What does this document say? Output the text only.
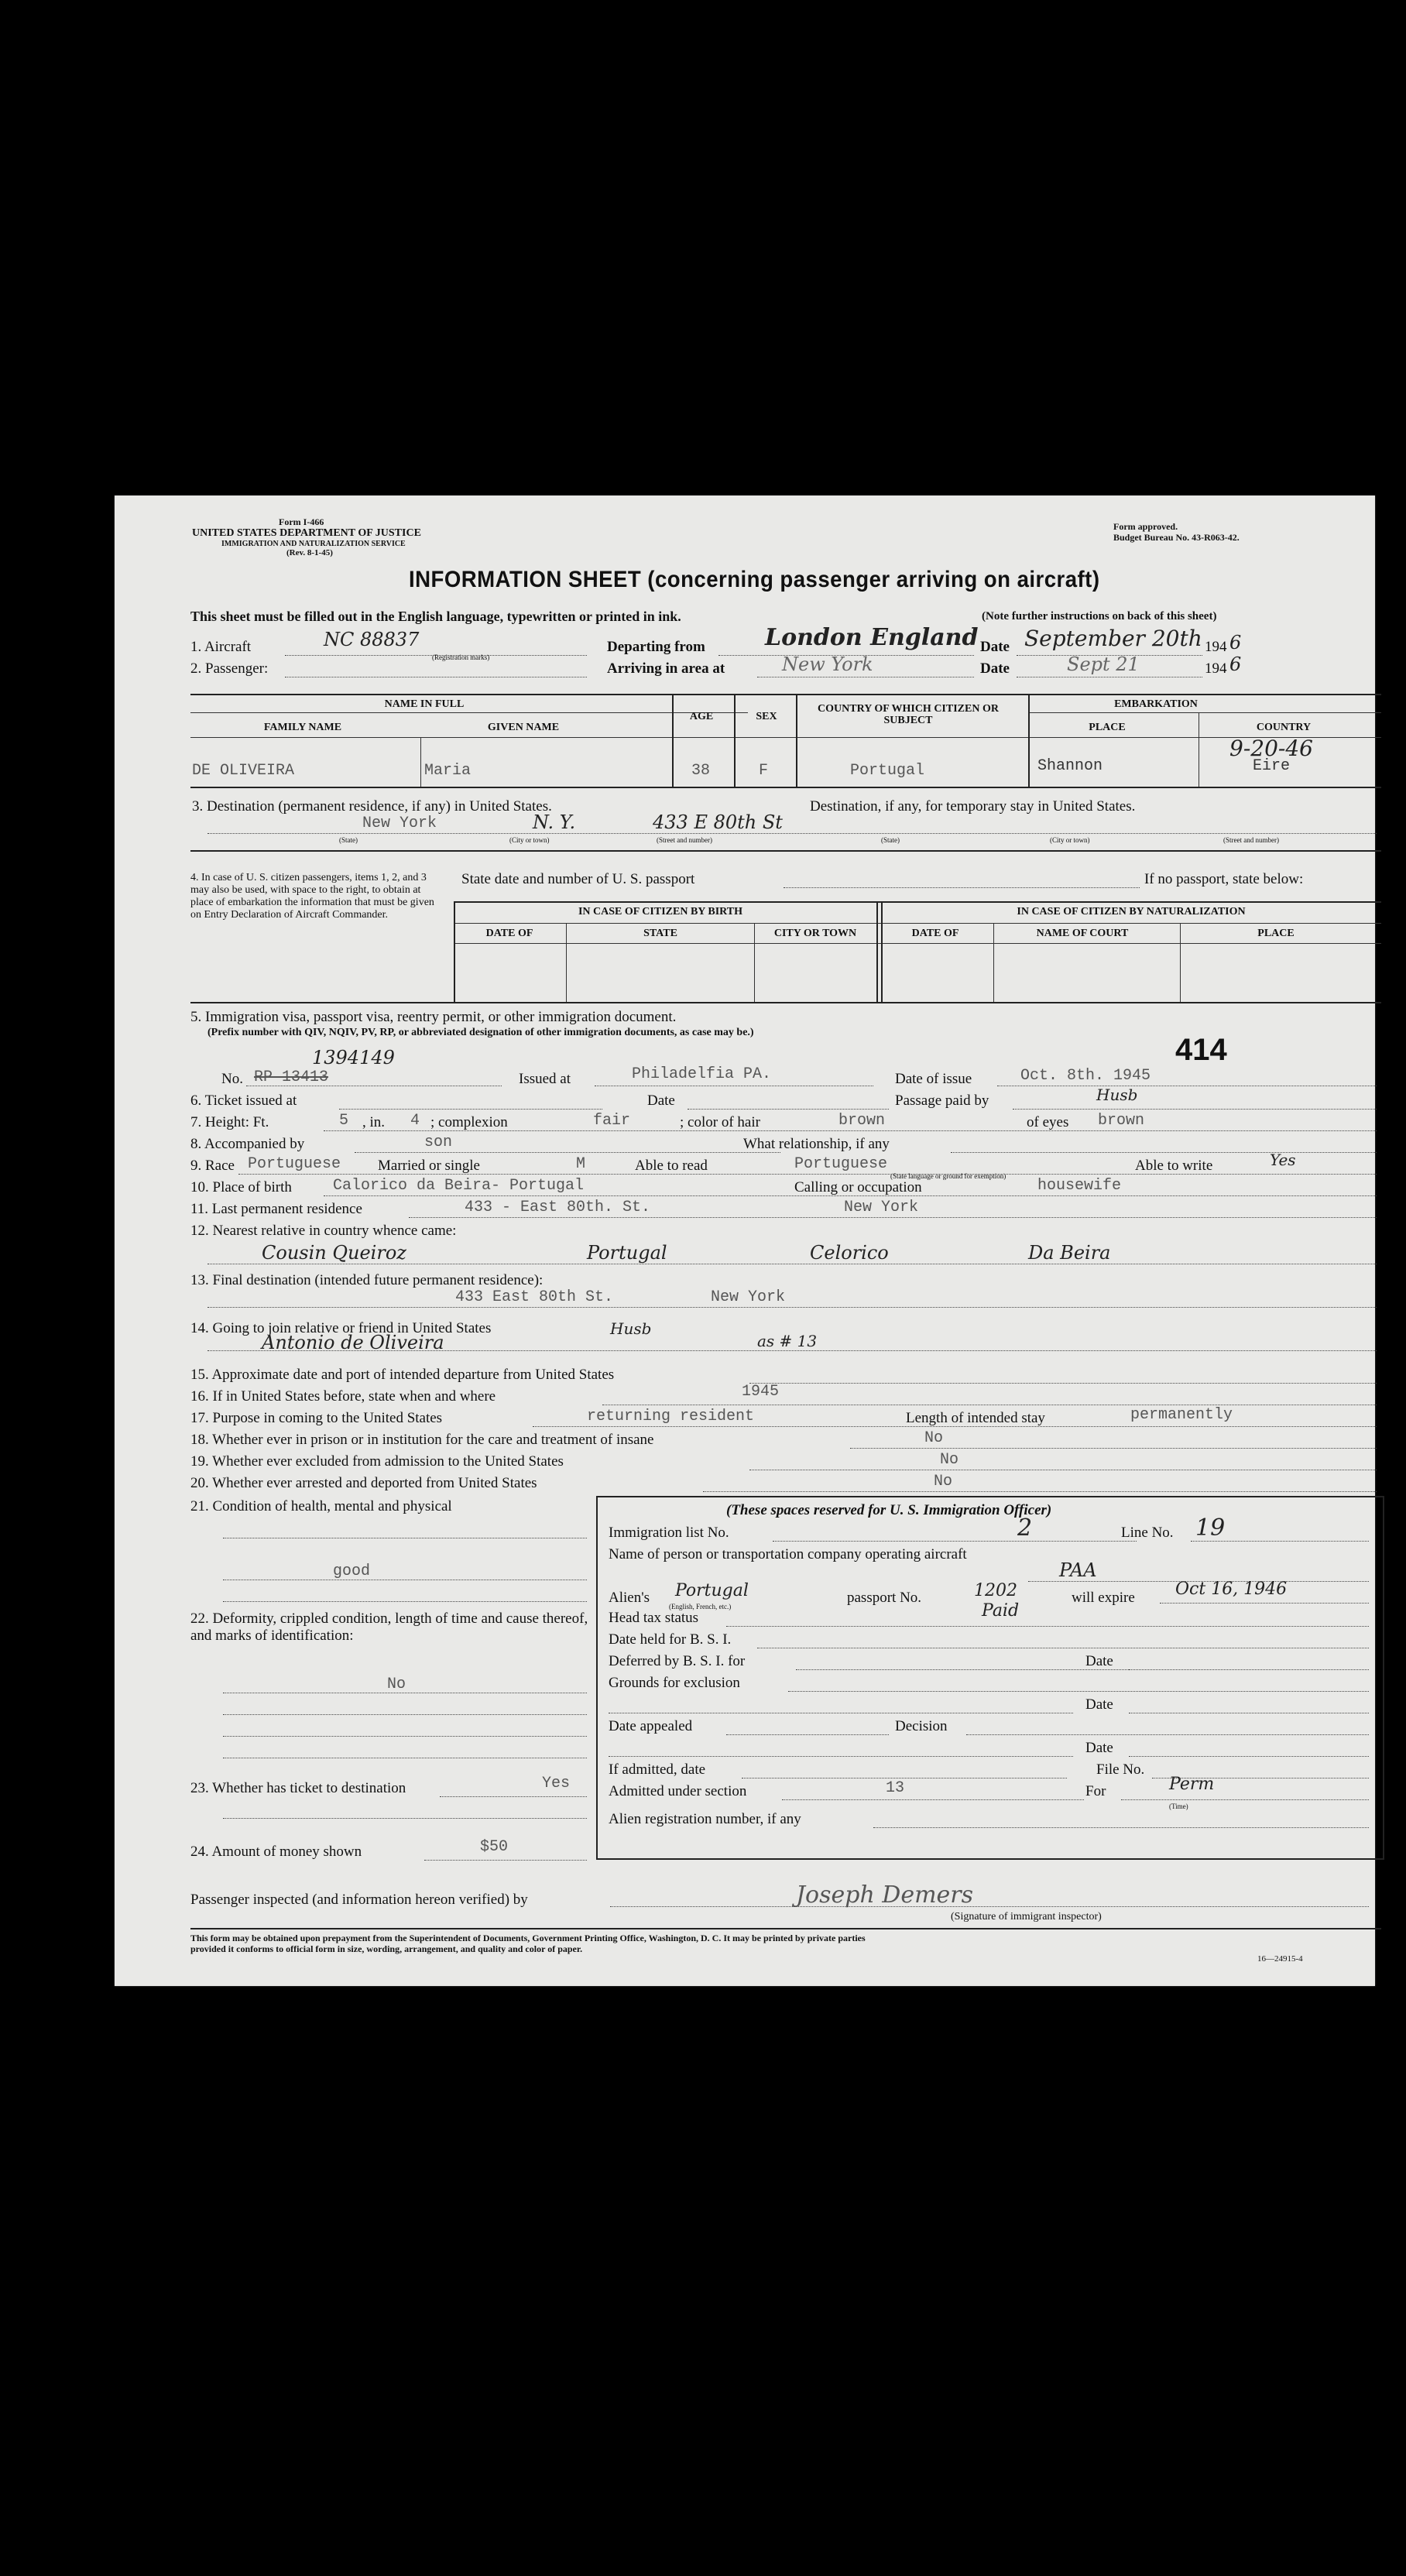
Form I-466
UNITED STATES DEPARTMENT OF JUSTICE
IMMIGRATION AND NATURALIZATION SERVICE
(Rev. 8-1-45)
Form approved.
Budget Bureau No. 43-R063-42.
INFORMATION SHEET (concerning passenger arriving on aircraft)
This sheet must be filled out in the English language, typewritten or printed in ink.	(Note further instructions on back of this sheet)
1. Aircraft	NC 88837
(Registration marks)
Departing from	London England Date September 20th 194 6
2. Passenger:	Arriving in area at	New York	Date	Sept 21	194 6
NAME IN FULL	EMBARKATION
FAMILY NAME	GIVEN NAME
AGE	SEX
COUNTRY OF WHICH CITIZEN OR SUBJECT
PLACE	COUNTRY
DE OLIVEIRA	Maria	38	F	Portugal	Shannon	Eire
9-20-46
3. Destination (permanent residence, if any) in United States.	Destination, if any, for temporary stay in United States.
New York	N. Y.	433 E 80th St
(State)	(City or town)	(Street and number)	(State)	(City or town)	(Street and number)
4. In case of U. S. citizen passengers, items 1, 2, and 3 may also be used, with space to the right, to obtain at place of embarkation the information that must be given on Entry Declaration of Aircraft Commander.
State date and number of U. S. passport	If no passport, state below:
IN CASE OF CITIZEN BY BIRTH	IN CASE OF CITIZEN BY NATURALIZATION
DATE OF	STATE	CITY OR TOWN	DATE OF	NAME OF COURT	PLACE
5. Immigration visa, passport visa, reentry permit, or other immigration document.
(Prefix number with QIV, NQIV, PV, RP, or abbreviated designation of other immigration documents, as case may be.)
414
1394149
No. RP 13413	Issued at	Philadelfia PA.	Date of issue	Oct. 8th. 1945
6. Ticket issued at	Date	Passage paid by	Husb
7. Height: Ft.	5 , in. 4 ; complexion	fair	; color of hair	brown	of eyes brown
8. Accompanied by	son	What relationship, if any
9. Race Portuguese	Married or single	M	Able to read	Portuguese
(State language or ground for exemption)
Able to write	Yes
10. Place of birth	Calorico da Beira- Portugal	Calling or occupation	housewife
11. Last permanent residence	433 - East 80th. St.	New York
12. Nearest relative in country whence came:
Cousin Queiroz	Portugal	Celorico	Da Beira
13. Final destination (intended future permanent residence):
433 East 80th St.	New York
14. Going to join relative or friend in United States
Antonio de Oliveira
Husb
as # 13
15. Approximate date and port of intended departure from United States
16. If in United States before, state when and where	1945
17. Purpose in coming to the United States	returning resident	Length of intended stay	permanently
18. Whether ever in prison or in institution for the care and treatment of insane	No
19. Whether ever excluded from admission to the United States	No
20. Whether ever arrested and deported from United States	No
21. Condition of health, mental and physical
good
22. Deformity, crippled condition, length of time and cause thereof, and marks of identification:
No
23. Whether has ticket to destination	Yes
24. Amount of money shown	$50
(These spaces reserved for U. S. Immigration Officer)
Immigration list No.	2	Line No. 19
Name of person or transportation company operating aircraft
PAA
Alien's Portugal
(English, French, etc.)
passport No.	1202	will expire Oct 16, 1946
Head tax status	Paid
Date held for B. S. I.
Deferred by B. S. I. for	Date
Grounds for exclusion
Date
Date appealed	Decision
Date
If admitted, date	File No.
Admitted under section	13	For	Perm
(Time)
Alien registration number, if any
Passenger inspected (and information hereon verified) by	Joseph Demers
(Signature of immigrant inspector)
This form may be obtained upon prepayment from the Superintendent of Documents, Government Printing Office, Washington, D. C. It may be printed by private parties
provided it conforms to official form in size, wording, arrangement, and quality and color of paper.
16—24915-4
